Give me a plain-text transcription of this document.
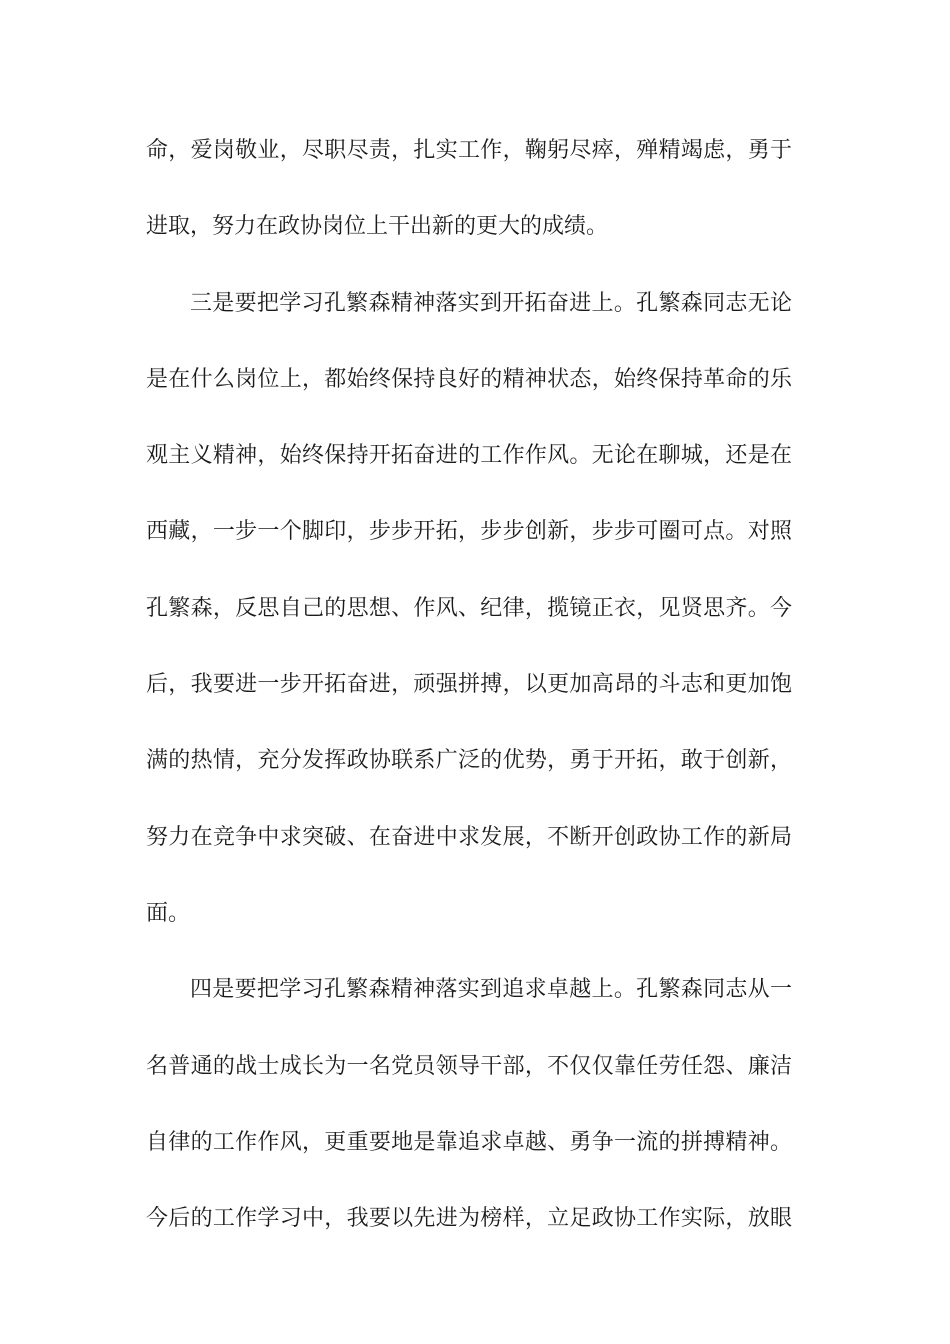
命，爱岗敬业，尽职尽责，扎实工作，鞠躬尽瘁，殚精竭虑，勇于
进取，努力在政协岗位上干出新的更大的成绩。
三是要把学习孔繁森精神落实到开拓奋进上。孔繁森同志无论
是在什么岗位上，都始终保持良好的精神状态，始终保持革命的乐
观主义精神，始终保持开拓奋进的工作作风。无论在聊城，还是在
西藏，一步一个脚印，步步开拓，步步创新，步步可圈可点。对照
孔繁森，反思自己的思想、作风、纪律，揽镜正衣，见贤思齐。今
后，我要进一步开拓奋进，顽强拼搏，以更加高昂的斗志和更加饱
满的热情，充分发挥政协联系广泛的优势，勇于开拓，敢于创新，
努力在竞争中求突破、在奋进中求发展，不断开创政协工作的新局
面。
四是要把学习孔繁森精神落实到追求卓越上。孔繁森同志从一
名普通的战士成长为一名党员领导干部，不仅仅靠任劳任怨、廉洁
自律的工作作风，更重要地是靠追求卓越、勇争一流的拼搏精神。
今后的工作学习中，我要以先进为榜样，立足政协工作实际，放眼
